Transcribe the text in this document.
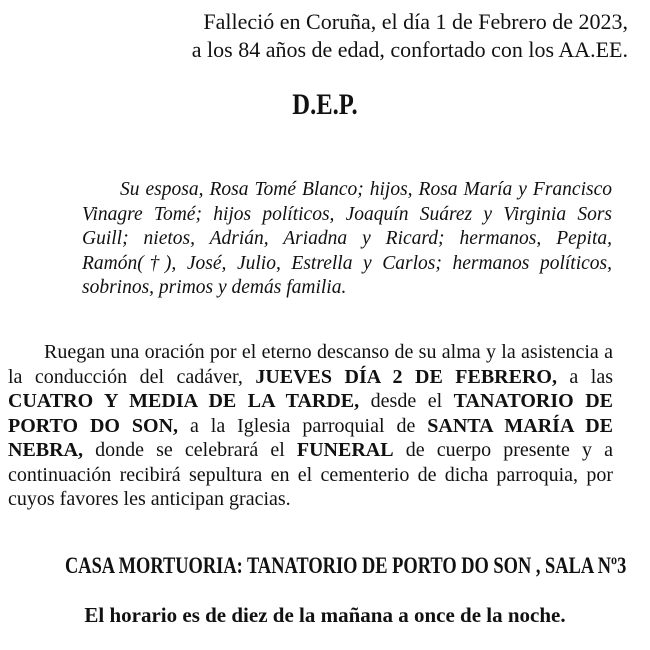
Falleció en Coruña, el día 1 de Febrero de 2023,
a los 84 años de edad, confortado con los AA.EE.
D.E.P.
Su esposa, Rosa Tomé Blanco; hijos, Rosa María y Francisco Vinagre Tomé; hijos políticos, Joaquín Suárez y Virginia Sors Guill; nietos, Adrián, Ariadna y Ricard; hermanos, Pepita, Ramón(†), José, Julio, Estrella y Carlos; hermanos políticos, sobrinos, primos y demás familia.
Ruegan una oración por el eterno descanso de su alma y la asistencia a la conducción del cadáver, JUEVES DÍA 2 DE FEBRERO, a las CUATRO Y MEDIA DE LA TARDE, desde el TANATORIO DE PORTO DO SON, a la Iglesia parroquial de SANTA MARÍA DE NEBRA, donde se celebrará el FUNERAL de cuerpo presente y a continuación recibirá sepultura en el cementerio de dicha parroquia, por cuyos favores les anticipan gracias.
CASA MORTUORIA: TANATORIO DE PORTO DO SON , SALA Nº3
El horario es de diez de la mañana a once de la noche.
